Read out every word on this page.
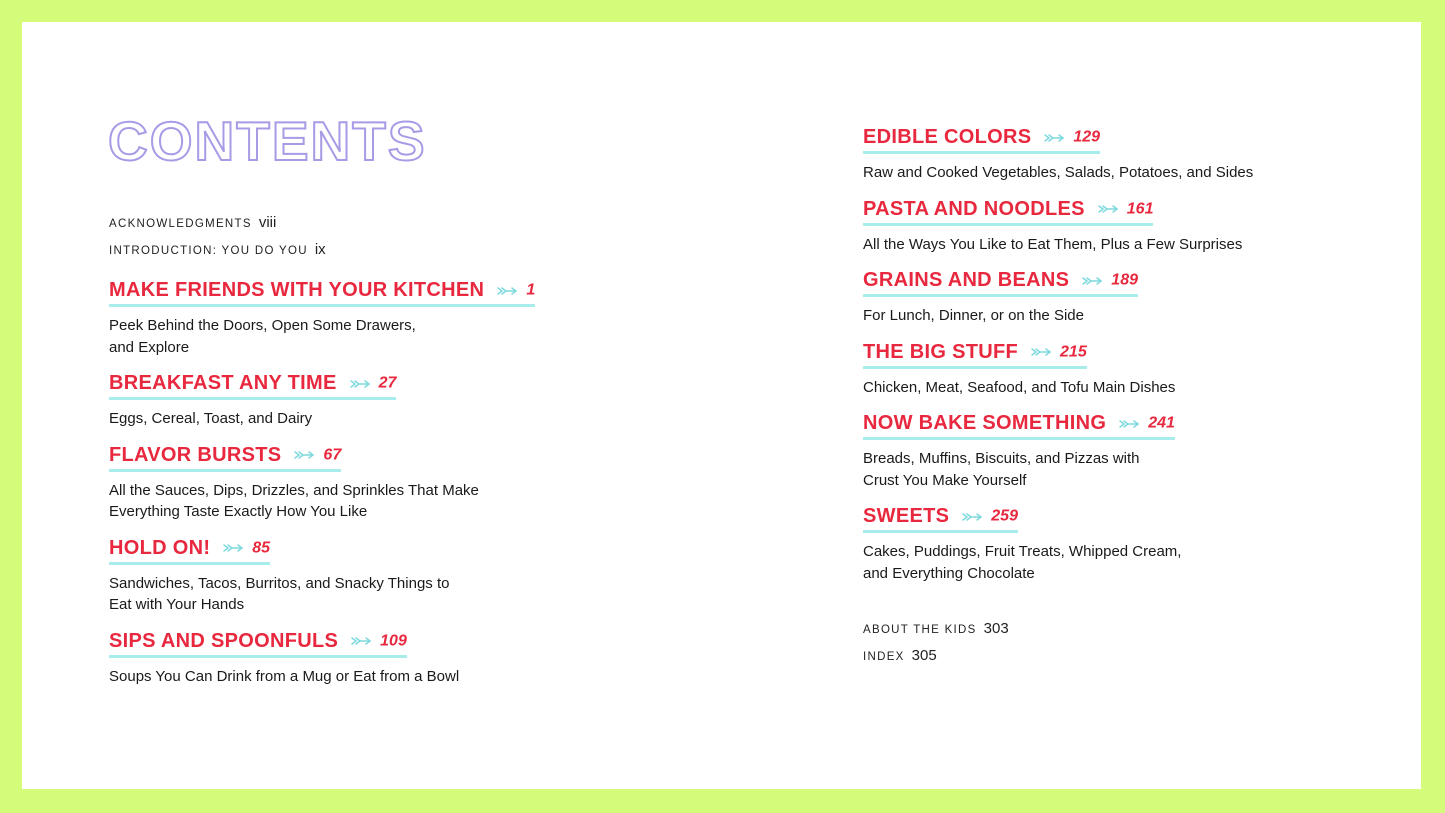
CONTENTS
ACKNOWLEDGMENTS viii
INTRODUCTION: YOU DO YOU ix
MAKE FRIENDS WITH YOUR KITCHEN	1
Peek Behind the Doors, Open Some Drawers,
and Explore
BREAKFAST ANY TIME	27
Eggs, Cereal, Toast, and Dairy
FLAVOR BURSTS	67
All the Sauces, Dips, Drizzles, and Sprinkles That Make
Everything Taste Exactly How You Like
HOLD ON!	85
Sandwiches, Tacos, Burritos, and Snacky Things to
Eat with Your Hands
SIPS AND SPOONFULS	109
Soups You Can Drink from a Mug or Eat from a Bowl
EDIBLE COLORS	129
Raw and Cooked Vegetables, Salads, Potatoes, and Sides
PASTA AND NOODLES	161
All the Ways You Like to Eat Them, Plus a Few Surprises
GRAINS AND BEANS	189
For Lunch, Dinner, or on the Side
THE BIG STUFF	215
Chicken, Meat, Seafood, and Tofu Main Dishes
NOW BAKE SOMETHING	241
Breads, Muffins, Biscuits, and Pizzas with
Crust You Make Yourself
SWEETS	259
Cakes, Puddings, Fruit Treats, Whipped Cream,
and Everything Chocolate
ABOUT THE KIDS 303
INDEX 305
